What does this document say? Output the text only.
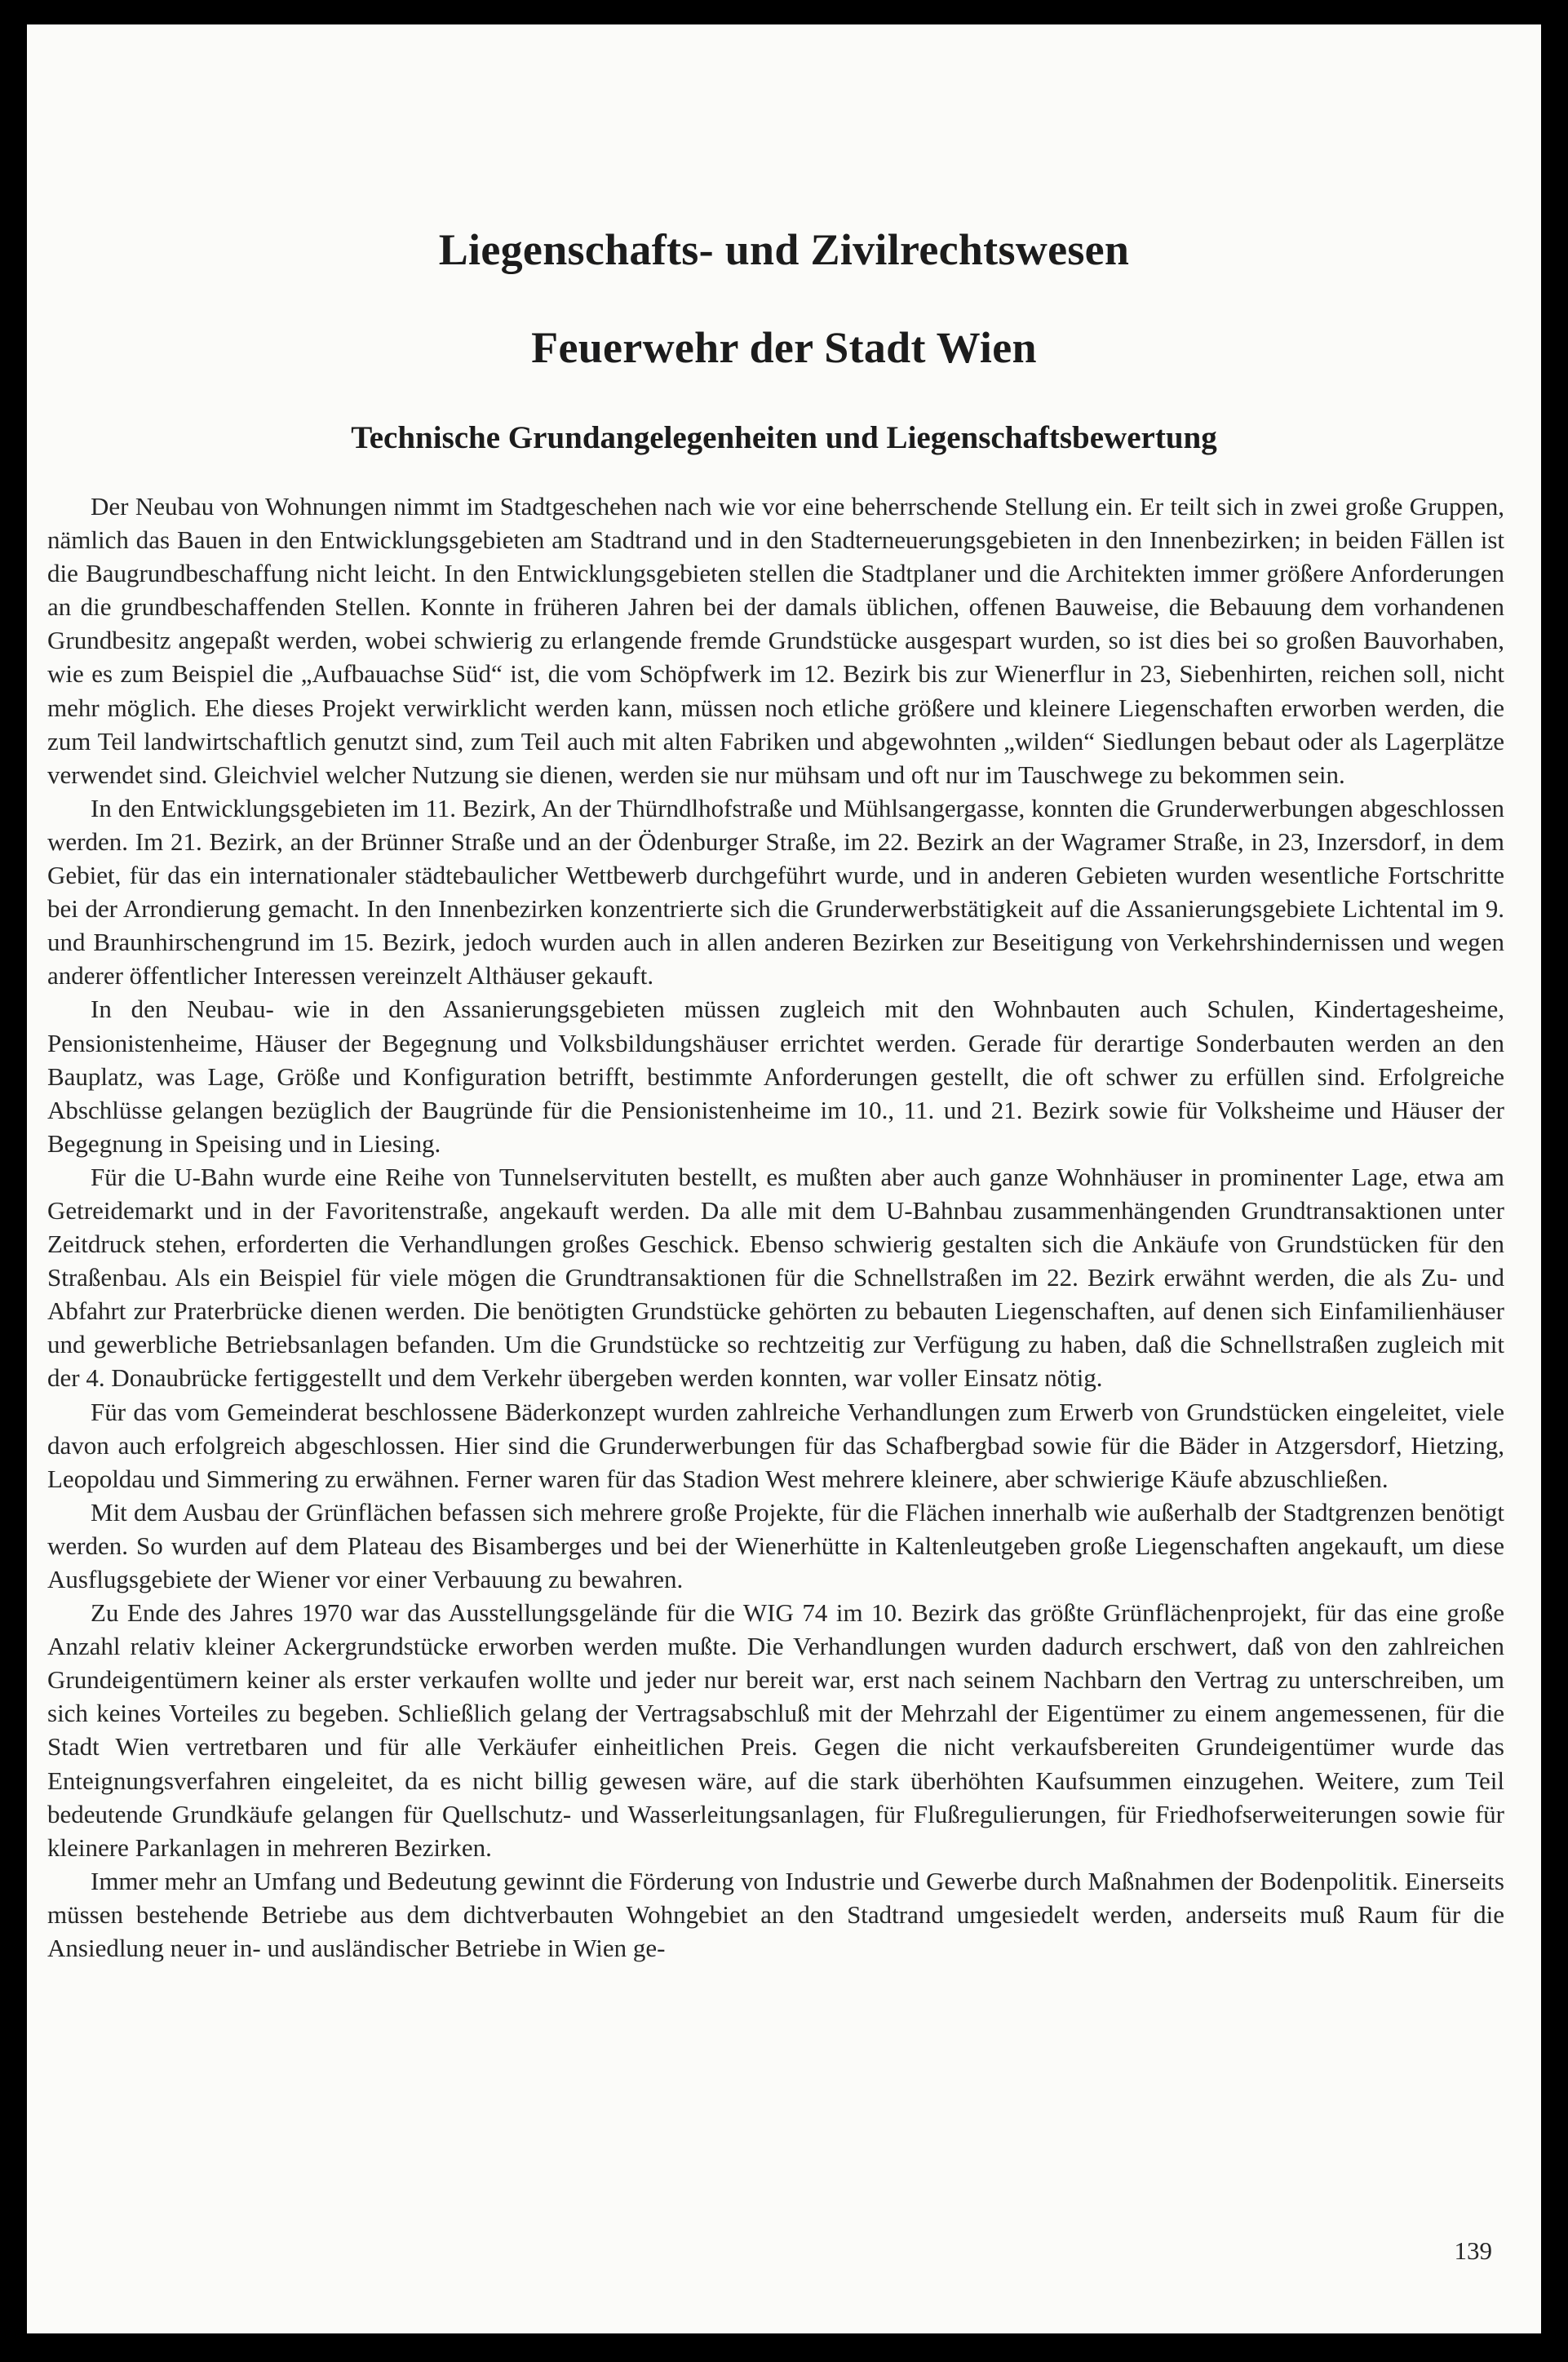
Liegenschafts- und Zivilrechtswesen
Feuerwehr der Stadt Wien
Technische Grundangelegenheiten und Liegenschaftsbewertung

Der Neubau von Wohnungen nimmt im Stadtgeschehen nach wie vor eine beherrschende Stellung ein. Er teilt sich in zwei große Gruppen, nämlich das Bauen in den Entwicklungsgebieten am Stadtrand und in den Stadterneuerungsgebieten in den Innenbezirken; in beiden Fällen ist die Baugrundbeschaffung nicht leicht. In den Entwicklungsgebieten stellen die Stadtplaner und die Architekten immer größere Anforderungen an die grundbeschaffenden Stellen. Konnte in früheren Jahren bei der damals üblichen, offenen Bauweise, die Bebauung dem vorhandenen Grundbesitz angepaßt werden, wobei schwierig zu erlangende fremde Grundstücke ausgespart wurden, so ist dies bei so großen Bauvorhaben, wie es zum Beispiel die „Aufbauachse Süd“ ist, die vom Schöpfwerk im 12. Bezirk bis zur Wienerflur in 23, Siebenhirten, reichen soll, nicht mehr möglich. Ehe dieses Projekt verwirklicht werden kann, müssen noch etliche größere und kleinere Liegenschaften erworben werden, die zum Teil landwirtschaftlich genutzt sind, zum Teil auch mit alten Fabriken und abgewohnten „wilden“ Siedlungen bebaut oder als Lagerplätze verwendet sind. Gleichviel welcher Nutzung sie dienen, werden sie nur mühsam und oft nur im Tauschwege zu bekommen sein.

In den Entwicklungsgebieten im 11. Bezirk, An der Thürndlhofstraße und Mühlsangergasse, konnten die Grunderwerbungen abgeschlossen werden. Im 21. Bezirk, an der Brünner Straße und an der Ödenburger Straße, im 22. Bezirk an der Wagramer Straße, in 23, Inzersdorf, in dem Gebiet, für das ein internationaler städtebaulicher Wettbewerb durchgeführt wurde, und in anderen Gebieten wurden wesentliche Fortschritte bei der Arrondierung gemacht. In den Innenbezirken konzentrierte sich die Grunderwerbstätigkeit auf die Assanierungsgebiete Lichtental im 9. und Braunhirschengrund im 15. Bezirk, jedoch wurden auch in allen anderen Bezirken zur Beseitigung von Verkehrshindernissen und wegen anderer öffentlicher Interessen vereinzelt Althäuser gekauft.

In den Neubau- wie in den Assanierungsgebieten müssen zugleich mit den Wohnbauten auch Schulen, Kindertagesheime, Pensionistenheime, Häuser der Begegnung und Volksbildungshäuser errichtet werden. Gerade für derartige Sonderbauten werden an den Bauplatz, was Lage, Größe und Konfiguration betrifft, bestimmte Anforderungen gestellt, die oft schwer zu erfüllen sind. Erfolgreiche Abschlüsse gelangen bezüglich der Baugründe für die Pensionistenheime im 10., 11. und 21. Bezirk sowie für Volksheime und Häuser der Begegnung in Speising und in Liesing.

Für die U-Bahn wurde eine Reihe von Tunnelservituten bestellt, es mußten aber auch ganze Wohnhäuser in prominenter Lage, etwa am Getreidemarkt und in der Favoritenstraße, angekauft werden. Da alle mit dem U-Bahnbau zusammenhängenden Grundtransaktionen unter Zeitdruck stehen, erforderten die Verhandlungen großes Geschick. Ebenso schwierig gestalten sich die Ankäufe von Grundstücken für den Straßenbau. Als ein Beispiel für viele mögen die Grundtransaktionen für die Schnellstraßen im 22. Bezirk erwähnt werden, die als Zu- und Abfahrt zur Praterbrücke dienen werden. Die benötigten Grundstücke gehörten zu bebauten Liegenschaften, auf denen sich Einfamilienhäuser und gewerbliche Betriebsanlagen befanden. Um die Grundstücke so rechtzeitig zur Verfügung zu haben, daß die Schnellstraßen zugleich mit der 4. Donaubrücke fertiggestellt und dem Verkehr übergeben werden konnten, war voller Einsatz nötig.

Für das vom Gemeinderat beschlossene Bäderkonzept wurden zahlreiche Verhandlungen zum Erwerb von Grundstücken eingeleitet, viele davon auch erfolgreich abgeschlossen. Hier sind die Grunderwerbungen für das Schafbergbad sowie für die Bäder in Atzgersdorf, Hietzing, Leopoldau und Simmering zu erwähnen. Ferner waren für das Stadion West mehrere kleinere, aber schwierige Käufe abzuschließen.

Mit dem Ausbau der Grünflächen befassen sich mehrere große Projekte, für die Flächen innerhalb wie außerhalb der Stadtgrenzen benötigt werden. So wurden auf dem Plateau des Bisamberges und bei der Wienerhütte in Kaltenleutgeben große Liegenschaften angekauft, um diese Ausflugsgebiete der Wiener vor einer Verbauung zu bewahren.

Zu Ende des Jahres 1970 war das Ausstellungsgelände für die WIG 74 im 10. Bezirk das größte Grünflächenprojekt, für das eine große Anzahl relativ kleiner Ackergrundstücke erworben werden mußte. Die Verhandlungen wurden dadurch erschwert, daß von den zahlreichen Grundeigentümern keiner als erster verkaufen wollte und jeder nur bereit war, erst nach seinem Nachbarn den Vertrag zu unterschreiben, um sich keines Vorteiles zu begeben. Schließlich gelang der Vertragsabschluß mit der Mehrzahl der Eigentümer zu einem angemessenen, für die Stadt Wien vertretbaren und für alle Verkäufer einheitlichen Preis. Gegen die nicht verkaufsbereiten Grundeigentümer wurde das Enteignungsverfahren eingeleitet, da es nicht billig gewesen wäre, auf die stark überhöhten Kaufsummen einzugehen. Weitere, zum Teil bedeutende Grundkäufe gelangen für Quellschutz- und Wasserleitungsanlagen, für Flußregulierungen, für Friedhofserweiterungen sowie für kleinere Parkanlagen in mehreren Bezirken.

Immer mehr an Umfang und Bedeutung gewinnt die Förderung von Industrie und Gewerbe durch Maßnahmen der Bodenpolitik. Einerseits müssen bestehende Betriebe aus dem dichtverbauten Wohngebiet an den Stadtrand umgesiedelt werden, anderseits muß Raum für die Ansiedlung neuer in- und ausländischer Betriebe in Wien ge-

139
